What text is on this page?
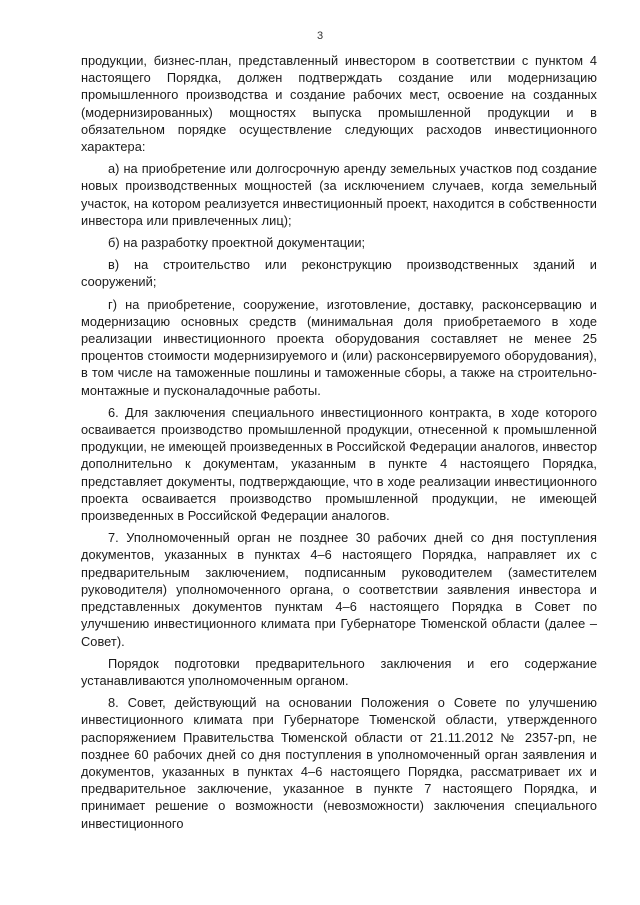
3

продукции, бизнес-план, представленный инвестором в соответствии с пунктом 4 настоящего Порядка, должен подтверждать создание или модернизацию промышленного производства и создание рабочих мест, освоение на созданных (модернизированных) мощностях выпуска промышленной продукции и в обязательном порядке осуществление следующих расходов инвестиционного характера:

а) на приобретение или долгосрочную аренду земельных участков под создание новых производственных мощностей (за исключением случаев, когда земельный участок, на котором реализуется инвестиционный проект, находится в собственности инвестора или привлеченных лиц);

б) на разработку проектной документации;

в) на строительство или реконструкцию производственных зданий и сооружений;

г) на приобретение, сооружение, изготовление, доставку, расконсервацию и модернизацию основных средств (минимальная доля приобретаемого в ходе реализации инвестиционного проекта оборудования составляет не менее 25 процентов стоимости модернизируемого и (или) расконсервируемого оборудования), в том числе на таможенные пошлины и таможенные сборы, а также на строительно-монтажные и пусконаладочные работы.

6. Для заключения специального инвестиционного контракта, в ходе которого осваивается производство промышленной продукции, отнесенной к промышленной продукции, не имеющей произведенных в Российской Федерации аналогов, инвестор дополнительно к документам, указанным в пункте 4 настоящего Порядка, представляет документы, подтверждающие, что в ходе реализации инвестиционного проекта осваивается производство промышленной продукции, не имеющей произведенных в Российской Федерации аналогов.

7. Уполномоченный орган не позднее 30 рабочих дней со дня поступления документов, указанных в пунктах 4–6 настоящего Порядка, направляет их с предварительным заключением, подписанным руководителем (заместителем руководителя) уполномоченного органа, о соответствии заявления инвестора и представленных документов пунктам 4–6 настоящего Порядка в Совет по улучшению инвестиционного климата при Губернаторе Тюменской области (далее – Совет).

Порядок подготовки предварительного заключения и его содержание устанавливаются уполномоченным органом.

8. Совет, действующий на основании Положения о Совете по улучшению инвестиционного климата при Губернаторе Тюменской области, утвержденного распоряжением Правительства Тюменской области от 21.11.2012 № 2357-рп, не позднее 60 рабочих дней со дня поступления в уполномоченный орган заявления и документов, указанных в пунктах 4–6 настоящего Порядка, рассматривает их и предварительное заключение, указанное в пункте 7 настоящего Порядка, и принимает решение о возможности (невозможности) заключения специального инвестиционного
